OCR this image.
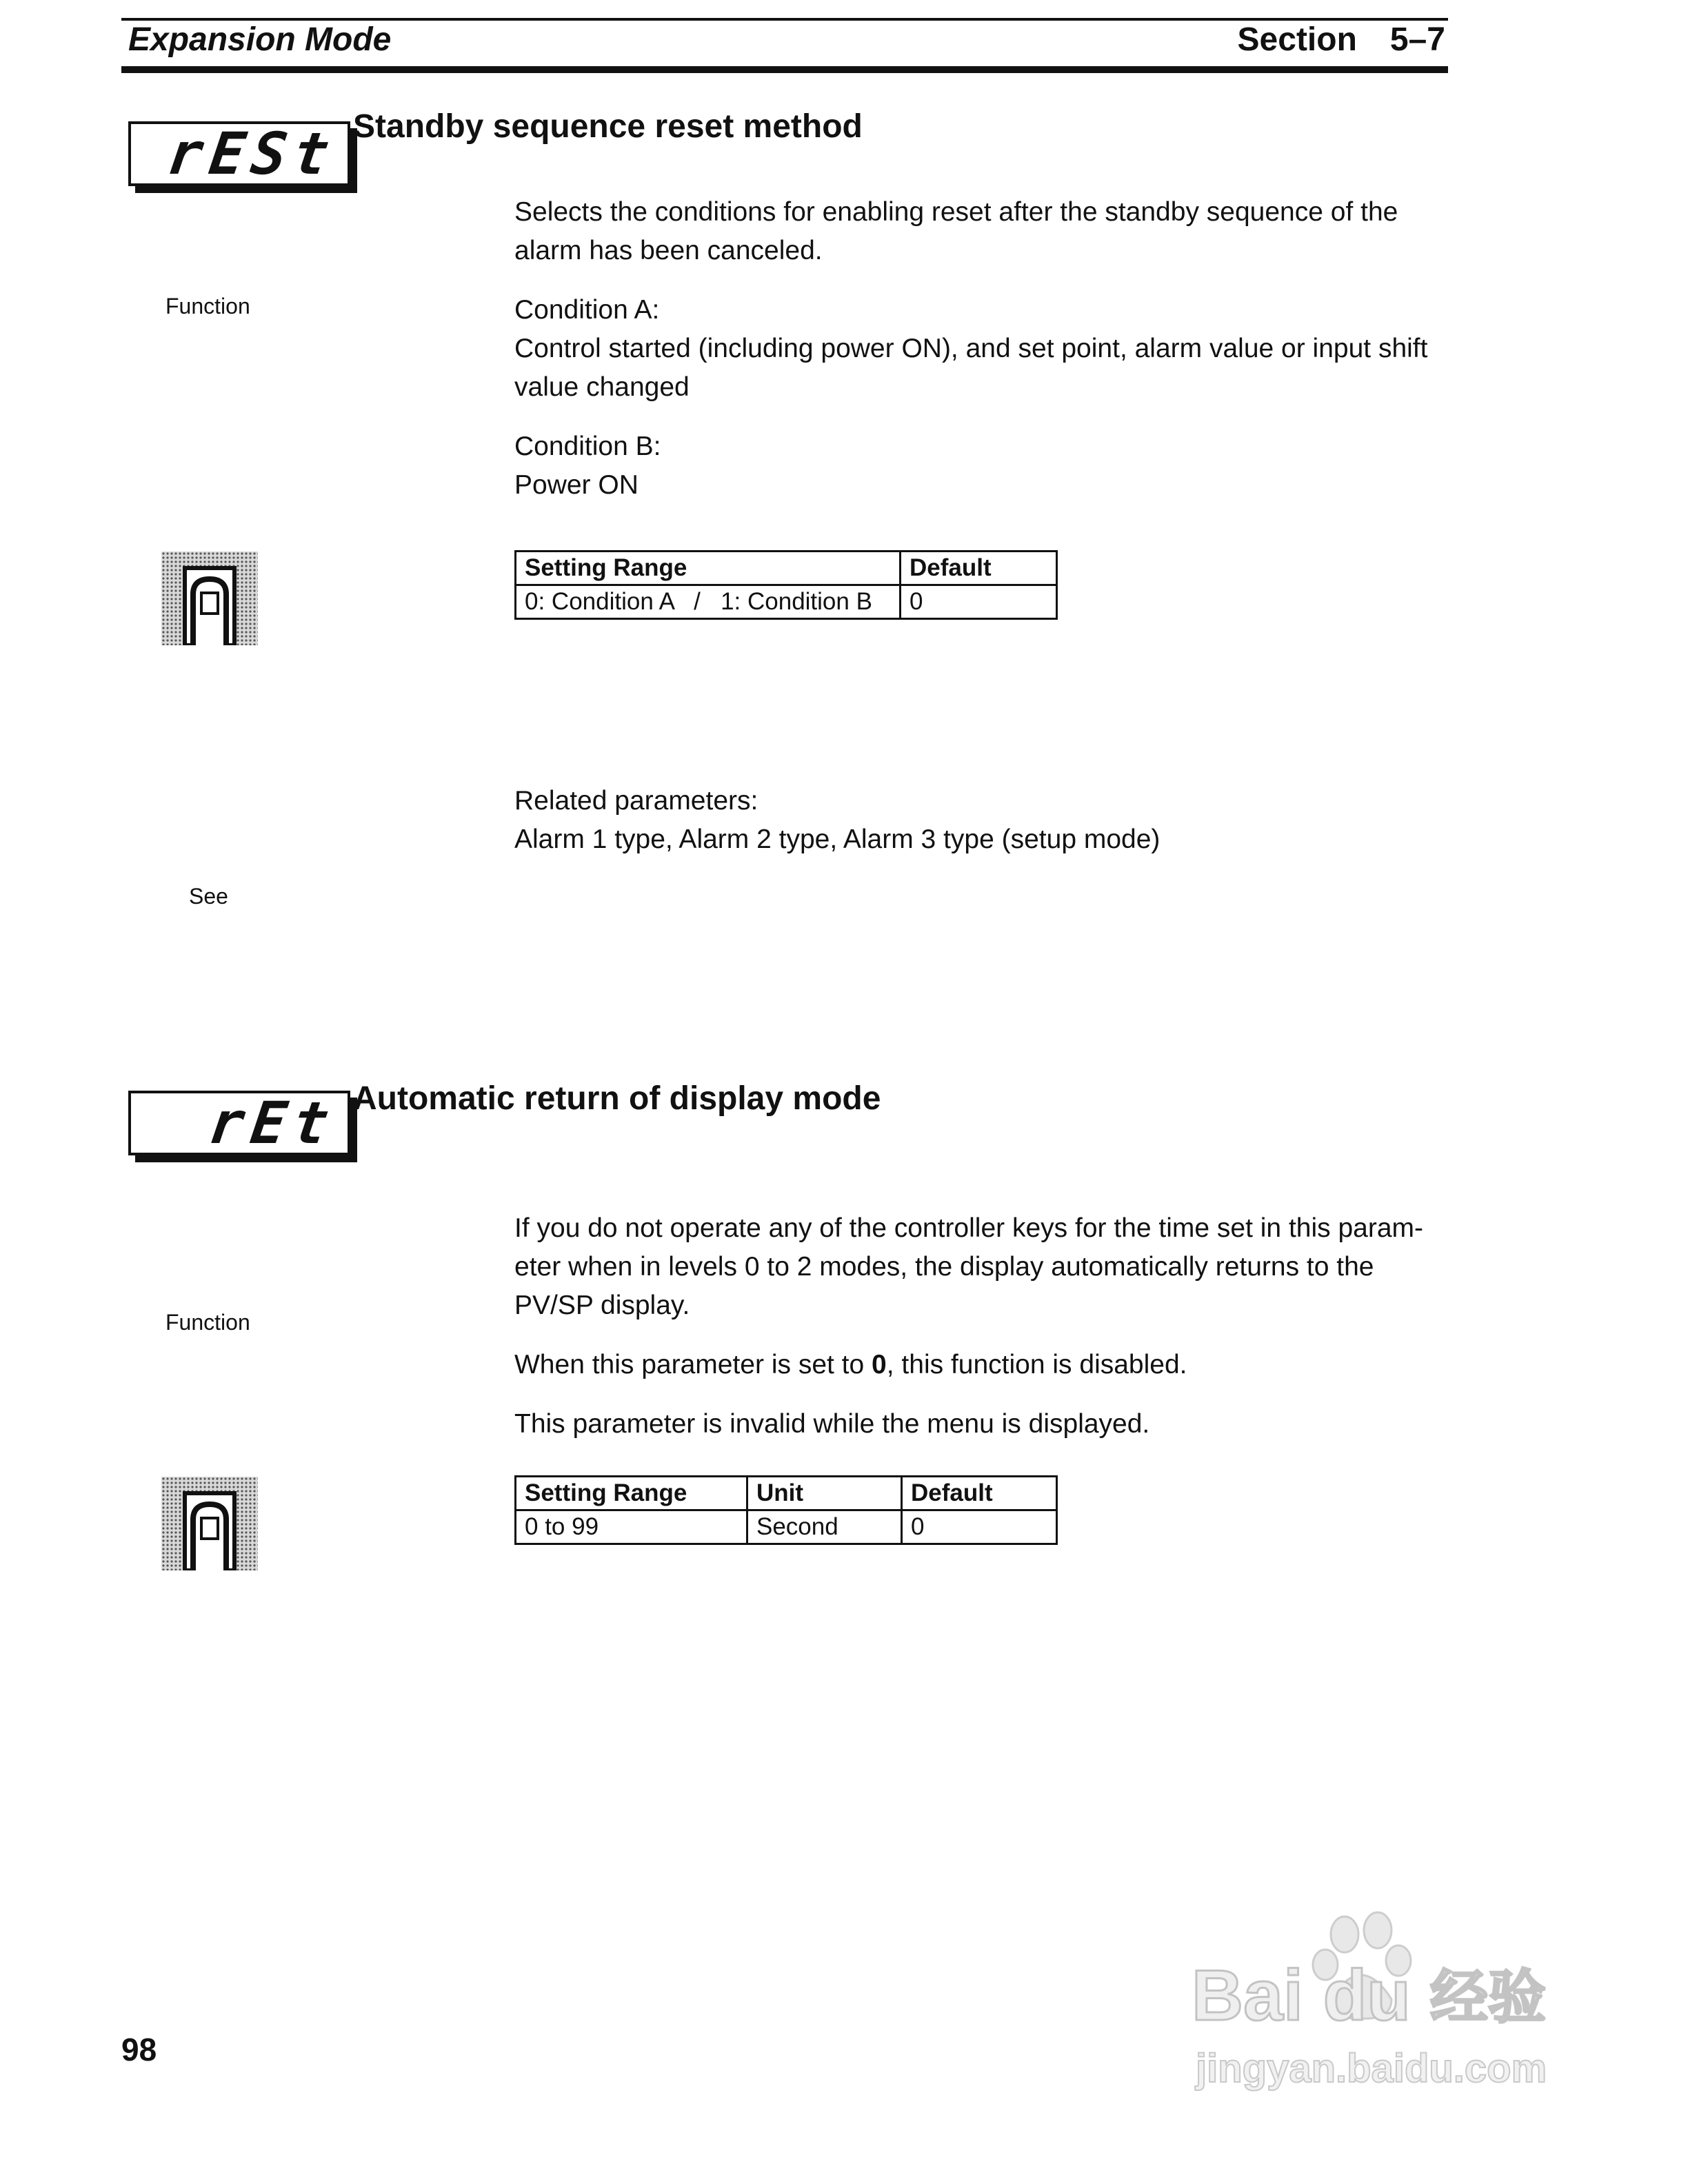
Expansion Mode	Section 5–7
rESt Standby sequence reset method
Function

Selects the conditions for enabling reset after the standby sequence of the alarm has been canceled.

Condition A:

Control started (including power ON), and set point, alarm value or input shift value changed

Condition B:

Power ON

Setting Range	Default
0: Condition A   /   1: Condition B	0

Related parameters:

Alarm 1 type, Alarm 2 type, Alarm 3 type (setup mode)

See
rEt Automatic return of display mode
Function

If you do not operate any of the controller keys for the time set in this param-eter when in levels 0 to 2 modes, the display automatically returns to the PV/SP display.

When this parameter is set to 0, this function is disabled.

This parameter is invalid while the menu is displayed.

Setting Range	Unit	Default
0 to 99	Second	0
98
Bai du 经验
jingyan.baidu.com
